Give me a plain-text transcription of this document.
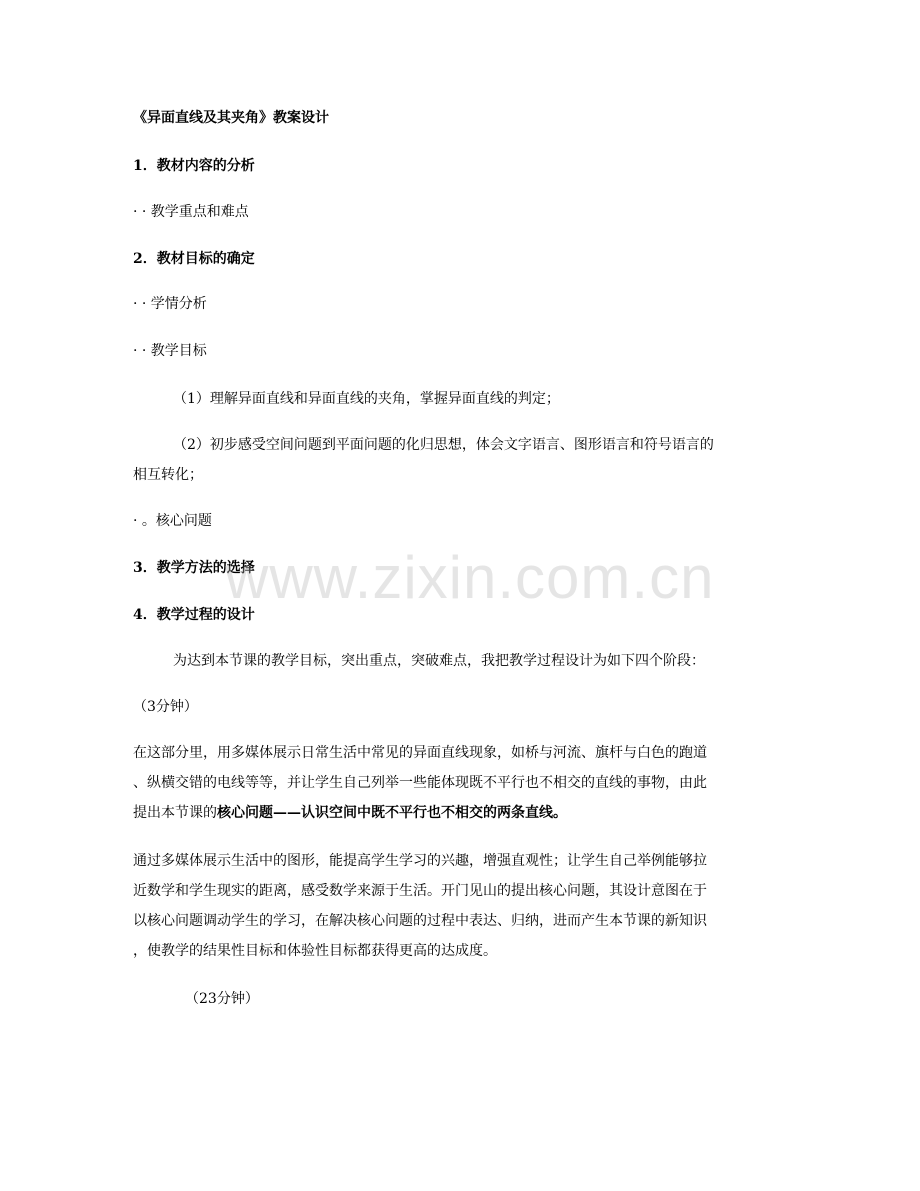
《异面直线及其夹角》教案设计
1．教材内容的分析
· · 教学重点和难点
2．教材目标的确定
· · 学情分析
· · 教学目标
（1）理解异面直线和异面直线的夹角，掌握异面直线的判定；
（2）初步感受空间问题到平面问题的化归思想，体会文字语言、图形语言和符号语言的
相互转化；
· 。核心问题
3．教学方法的选择
4．教学过程的设计
为达到本节课的教学目标，突出重点，突破难点，我把教学过程设计为如下四个阶段：
（3分钟）
在这部分里，用多媒体展示日常生活中常见的异面直线现象，如桥与河流、旗杆与白色的跑道
、纵横交错的电线等等，并让学生自己列举一些能体现既不平行也不相交的直线的事物，由此
提出本节课的核心问题——认识空间中既不平行也不相交的两条直线。
通过多媒体展示生活中的图形，能提高学生学习的兴趣，增强直观性；让学生自己举例能够拉
近数学和学生现实的距离，感受数学来源于生活。开门见山的提出核心问题，其设计意图在于
以核心问题调动学生的学习，在解决核心问题的过程中表达、归纳，进而产生本节课的新知识
，使教学的结果性目标和体验性目标都获得更高的达成度。
（23分钟）
www.zixin.com.cn
